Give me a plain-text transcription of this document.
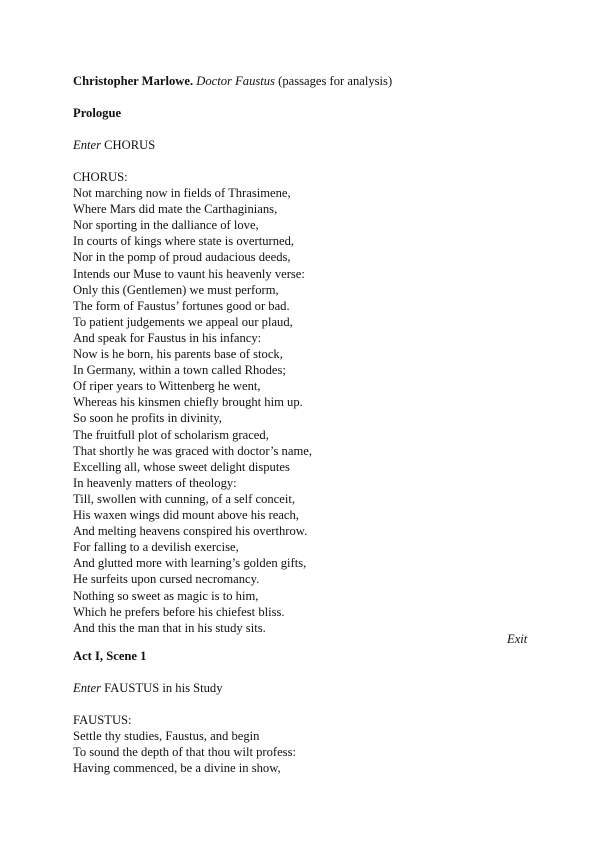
Christopher Marlowe. Doctor Faustus (passages for analysis)
Prologue
Enter CHORUS
CHORUS:
Not marching now in fields of Thrasimene,
Where Mars did mate the Carthaginians,
Nor sporting in the dalliance of love,
In courts of kings where state is overturned,
Nor in the pomp of proud audacious deeds,
Intends our Muse to vaunt his heavenly verse:
Only this (Gentlemen) we must perform,
The form of Faustus’ fortunes good or bad.
To patient judgements we appeal our plaud,
And speak for Faustus in his infancy:
Now is he born, his parents base of stock,
In Germany, within a town called Rhodes;
Of riper years to Wittenberg he went,
Whereas his kinsmen chiefly brought him up.
So soon he profits in divinity,
The fruitfull plot of scholarism graced,
That shortly he was graced with doctor’s name,
Excelling all, whose sweet delight disputes
In heavenly matters of theology:
Till, swollen with cunning, of a self conceit,
His waxen wings did mount above his reach,
And melting heavens conspired his overthrow.
For falling to a devilish exercise,
And glutted more with learning’s golden gifts,
He surfeits upon cursed necromancy.
Nothing so sweet as magic is to him,
Which he prefers before his chiefest bliss.
And this the man that in his study sits.
Exit
Act I, Scene 1
Enter FAUSTUS in his Study
FAUSTUS:
Settle thy studies, Faustus, and begin
To sound the depth of that thou wilt profess:
Having commenced, be a divine in show,
